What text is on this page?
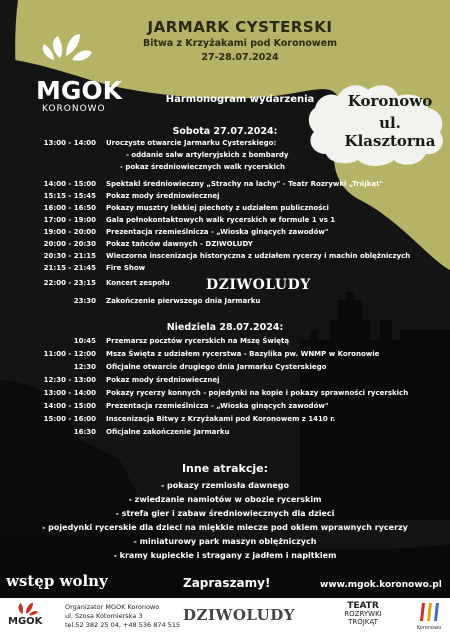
JARMARK CYSTERSKI
Bitwa z Krzyżakami pod Koronowem
27-28.07.2024
MGOK
KORONOWO
Harmonogram wydarzenia	Koronowo
ul. Klasztorna
Sobota 27.07.2024:
13:00 - 14:00 Uroczyste otwarcie Jarmarku Cysterskiego:
- oddanie salw artyleryjskich z bombardy
- pokaz średniowiecznych walk rycerskich
14:00 - 15:00 Spektakl średniowieczny „Strachy na lachy" - Teatr Rozrywki „Trójkąt"
15:15 - 15:45 Pokaz mody średniowiecznej
16:00 - 16:50 Pokazy musztry lekkiej piechoty z udziałem publiczności
17:00 - 19:00 Gala pełnokontaktowych walk rycerskich w formule 1 vs 1
19:00 - 20:00 Prezentacja rzemieślnicza - „Wioska ginących zawodów"
20:00 - 20:30 Pokaz tańców dawnych - DZIWOLUDY
20:30 - 21:15 Wieczorna inscenizacja historyczna z udziałem rycerzy i machin oblężniczych
21:15 - 21:45 Fire Show
22:00 - 23:15 Koncert zespołu
23:30 Zakończenie pierwszego dnia Jarmarku
DZIWOLUDY
Niedziela 28.07.2024:
10:45 Przemarsz pocztów rycerskich na Mszę Świętą
11:00 - 12:00 Msza Święta z udziałem rycerstwa - Bazylika pw. WNMP w Koronowie
12:30 Oficjalne otwarcie drugiego dnia Jarmarku Cysterskiego
12:30 - 13:00 Pokaz mody średniowiecznej
13:00 - 14:00 Pokazy rycerzy konnych - pojedynki na kopie i pokazy sprawności rycerskich
14:00 - 15:00 Prezentacja rzemieślnicza - „Wioska ginących zawodów"
15:00 - 16:00 Inscenizacja Bitwy z Krzyżakami pod Koronowem z 1410 r.
16:30 Oficjalne zakończenie Jarmarku
Inne atrakcje:
- pokazy rzemiosła dawnego
- zwiedzanie namiotów w obozie rycerskim
- strefa gier i zabaw średniowiecznych dla dzieci
- pojedynki rycerskie dla dzieci na miękkie miecze pod okiem wprawnych rycerzy
- miniaturowy park maszyn oblężniczych
- kramy kupieckie i stragany z jadłem i napitkiem
wstęp wolny	Zapraszamy!	www.mgok.koronowo.pl
MGOK
Organizator MGOK Koronowo
ul. Szosa Kotomierska 3
tel.52 382 25 04, +48 536 874 515
DZIWOLUDY	TEATR
ROZRYWKI
TRÓJKĄT
Koronowo
